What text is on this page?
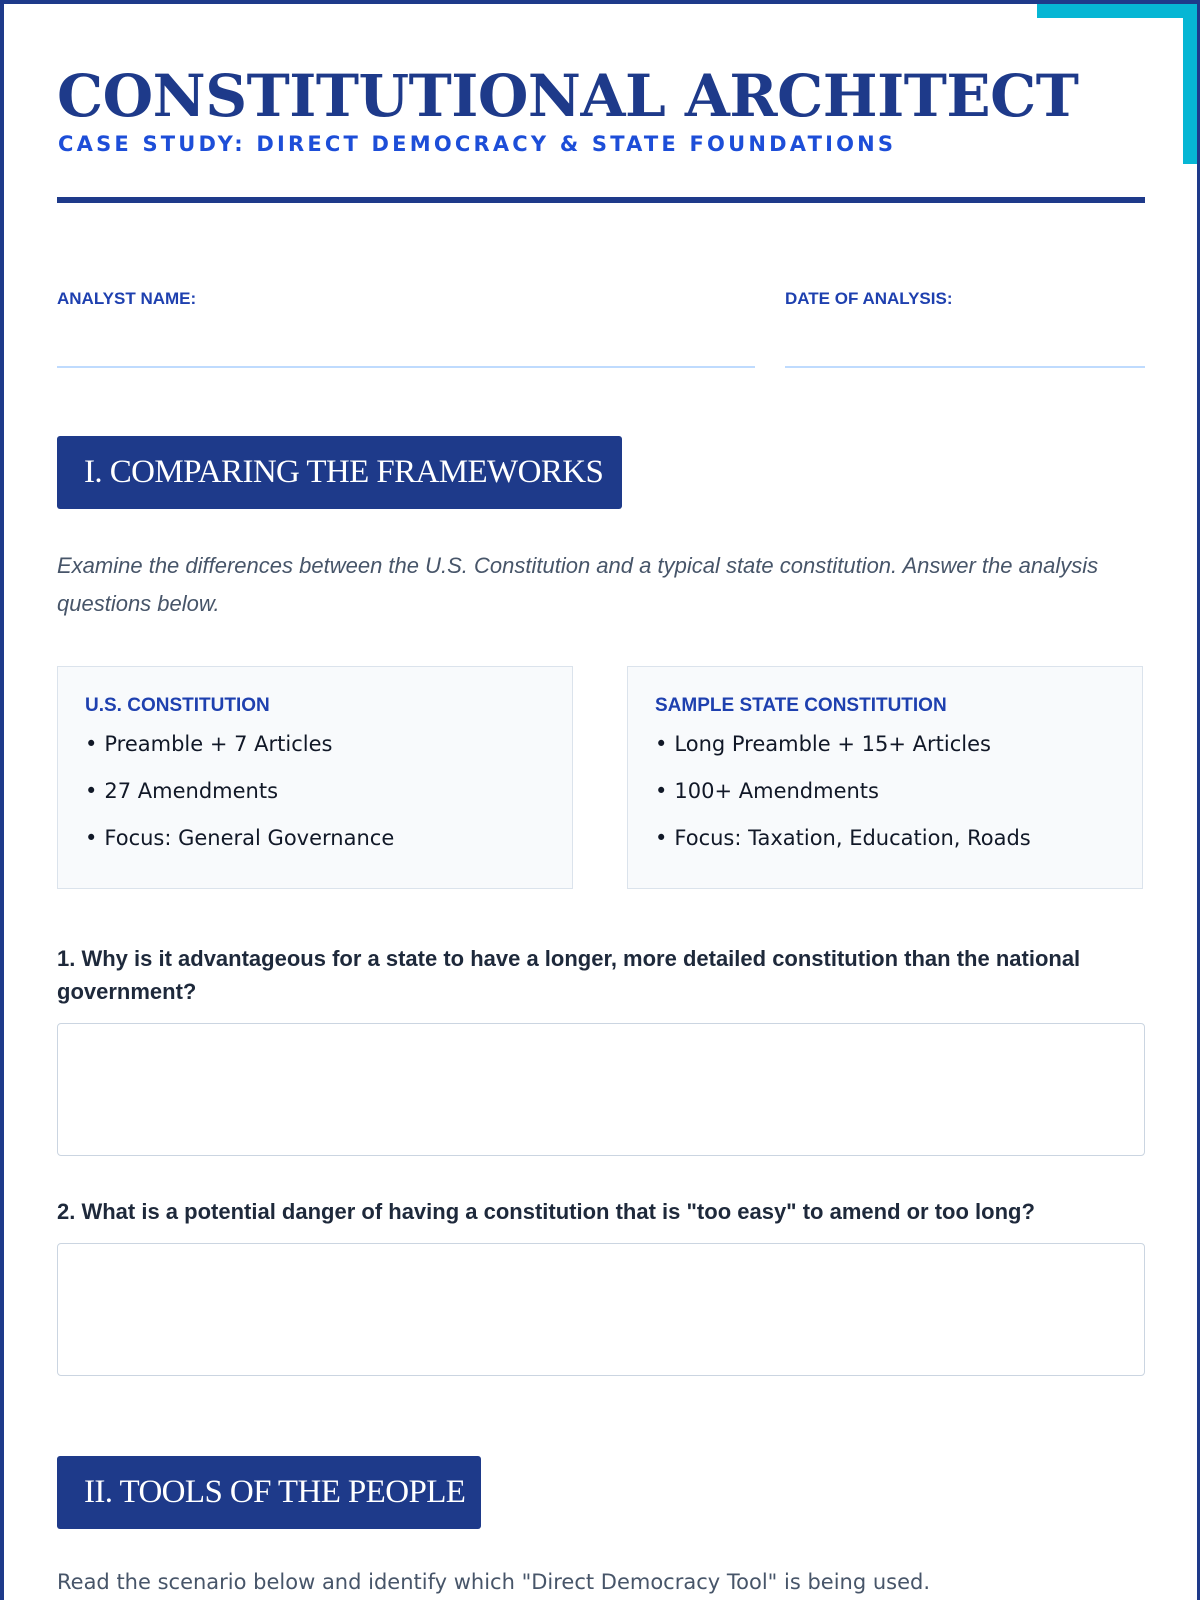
CONSTITUTIONAL ARCHITECT
CASE STUDY: DIRECT DEMOCRACY & STATE FOUNDATIONS
ANALYST NAME:	DATE OF ANALYSIS:
I. COMPARING THE FRAMEWORKS

Examine the differences between the U.S. Constitution and a typical state constitution. Answer the analysis questions below.

U.S. CONSTITUTION
• Preamble + 7 Articles
• 27 Amendments
• Focus: General Governance
SAMPLE STATE CONSTITUTION
• Long Preamble + 15+ Articles
• 100+ Amendments
• Focus: Taxation, Education, Roads
1. Why is it advantageous for a state to have a longer, more detailed constitution than the national government?
2. What is a potential danger of having a constitution that is "too easy" to amend or too long?
II. TOOLS OF THE PEOPLE
Read the scenario below and identify which "Direct Democracy Tool" is being used.
